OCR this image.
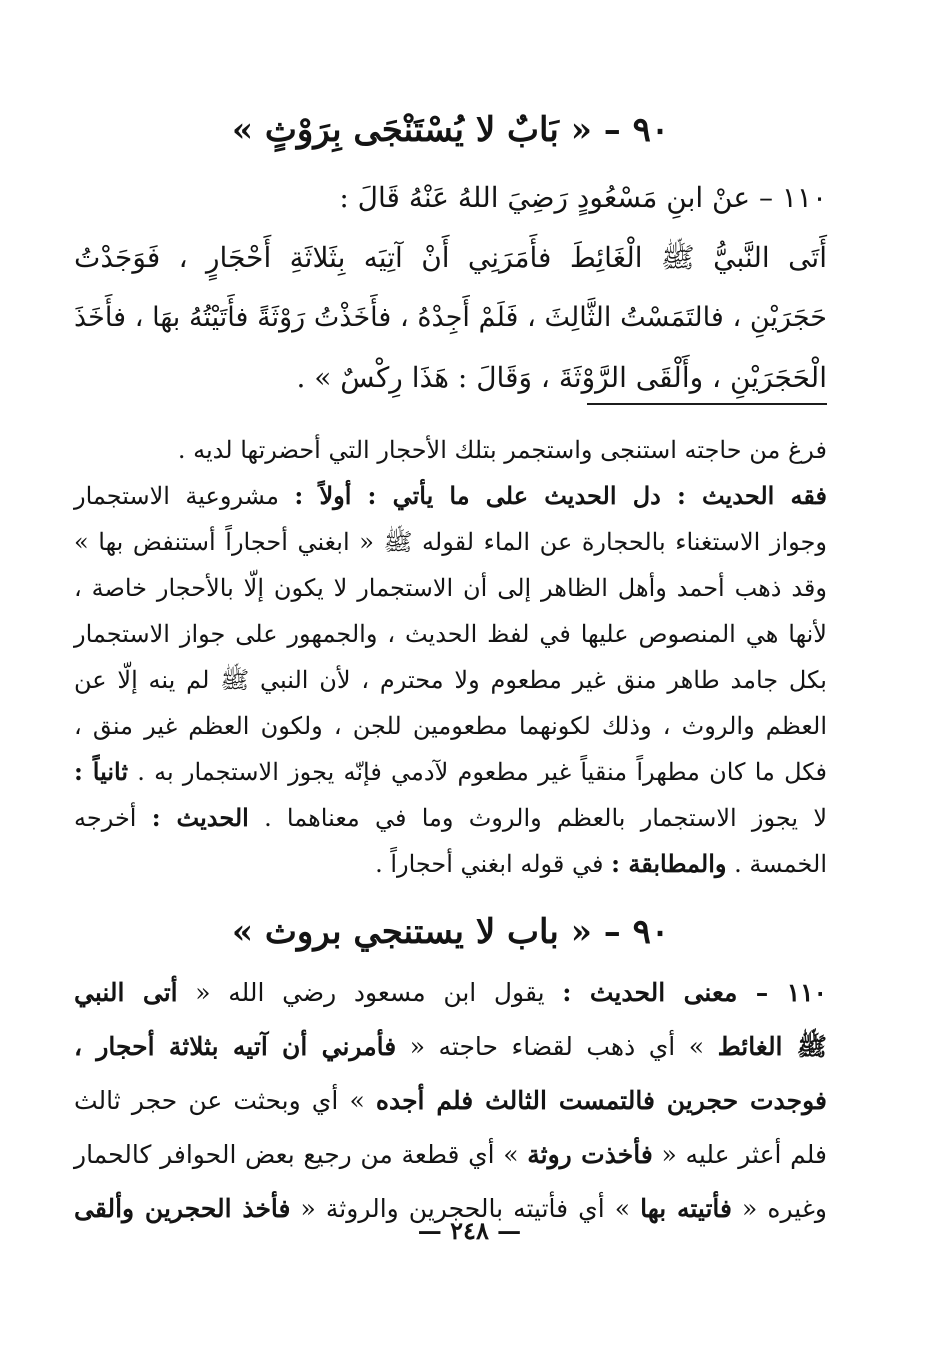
٩٠ – « بَابٌ لا يُسْتَنْجَى بِرَوْثٍ »
١١٠ – عنْ ابنِ مَسْعُودٍ رَضِيَ اللهُ عَنْهُ قَالَ :
أَتَى النَّبيُّ ﷺ الْغَائِطَ فأَمَرَنِي أَنْ آتِيَه بِثَلاثَةِ أَحْجَارٍ ، فَوَجَدْتُ
حَجَرَيْنِ ، فالتَمَسْتُ الثَّالِثَ ، فَلَمْ أَجِدْهُ ، فأَخَذْتُ رَوْثَةً فأَتَيْتُهُ بهَا ، فأَخَذَ
الْحَجَرَيْنِ ، وأَلْقَى الرَّوْثَةَ ، وَقَالَ : هَذَا رِكْسٌ » .
فرغ من حاجته استنجى واستجمر بتلك الأحجار التي أحضرتها لديه .
فقه الحديث : دل الحديث على ما يأتي : أولاً : مشروعية الاستجمار
وجواز الاستغناء بالحجارة عن الماء لقوله ﷺ « ابغني أحجاراً أستنفض بها »
وقد ذهب أحمد وأهل الظاهر إلى أن الاستجمار لا يكون إلّا بالأحجار خاصة ،
لأنها هي المنصوص عليها في لفظ الحديث ، والجمهور على جواز الاستجمار
بكل جامد طاهر منق غير مطعوم ولا محترم ، لأن النبي ﷺ لم ينه إلّا عن
العظم والروث ، وذلك لكونهما مطعومين للجن ، ولكون العظم غير منق ،
فكل ما كان مطهراً منقياً غير مطعوم لآدمي فإنّه يجوز الاستجمار به . ثانياً :
لا يجوز الاستجمار بالعظم والروث وما في معناهما . الحديث : أخرجه
الخمسة . والمطابقة : في قوله ابغني أحجاراً .
٩٠ – « باب لا يستنجي بروث »
١١٠ – معنى الحديث : يقول ابن مسعود رضي الله « أتى النبي
ﷺ الغائط » أي ذهب لقضاء حاجته « فأمرني أن آتيه بثلاثة أحجار ،
فوجدت حجرين فالتمست الثالث فلم أجده » أي وبحثت عن حجر ثالث
فلم أعثر عليه « فأخذت روثة » أي قطعة من رجيع بعض الحوافر كالحمار
وغيره « فأتيته بها » أي فأتيته بالحجرين والروثة « فأخذ الحجرين وألقى
— ٢٤٨ —
